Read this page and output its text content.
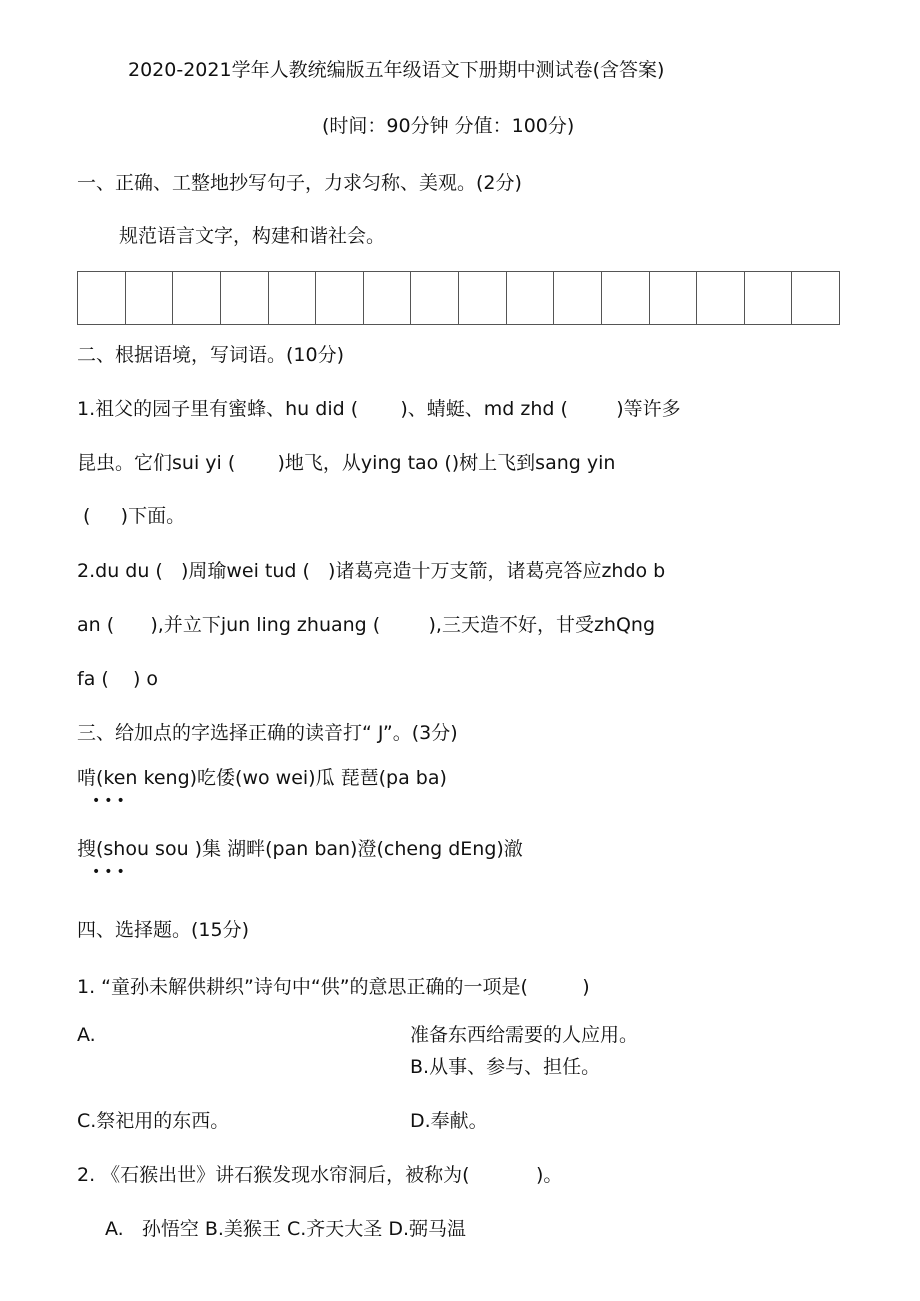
2020-2021学年人教统编版五年级语文下册期中测试卷(含答案)
(时间：90分钟 分值：100分)
一、正确、工整地抄写句子，力求匀称、美观。(2分)
规范语言文字，构建和谐社会。
二、根据语境，写词语。(10分)
1.祖父的园子里有蜜蜂、hu did (       )、蜻蜓、md zhd (        )等许多
昆虫。它们sui yi (       )地飞，从ying tao ()树上飞到sang yin
(     )下面。
2.du du (   )周瑜wei tud (   )诸葛亮造十万支箭，诸葛亮答应zhdo b
an (      ),并立下jun ling zhuang (        ),三天造不好，甘受zhQng
fa (    ) o
三、给加点的字选择正确的读音打“ J”。(3分)
啃(ken keng)吃倭(wo wei)瓜 琵琶(pa ba)
•••
搜(shou sou )集 湖畔(pan ban)澄(cheng dEng)澈
•••
四、选择题。(15分)
1. “童孙未解供耕织”诗句中“供”的意思正确的一项是(         )
A.	准备东西给需要的人应用。
B.从事、参与、担任。
C.祭祀用的东西。	D.奉献。
2. 《石猴出世》讲石猴发现水帘洞后，被称为(           )。
A.   孙悟空 B.美猴王 C.齐天大圣 D.弼马温
